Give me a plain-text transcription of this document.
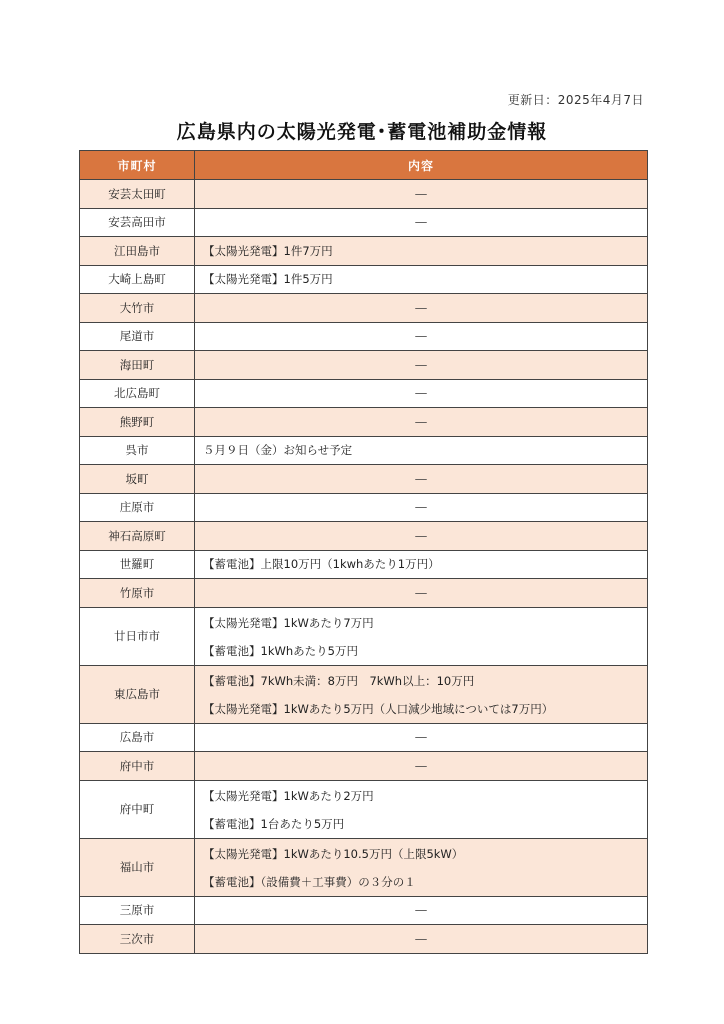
更新日：2025年4月7日
広島県内の太陽光発電･蓄電池補助金情報
市町村	内容
安芸太田町	―
安芸高田市	―
江田島市	【太陽光発電】1件7万円
大崎上島町	【太陽光発電】1件5万円
大竹市	―
尾道市	―
海田町	―
北広島町	―
熊野町	―
呉市	５月９日（金）お知らせ予定
坂町	―
庄原市	―
神石高原町	―
世羅町	【蓄電池】上限10万円（1kwhあたり1万円）
竹原市	―
廿日市市	【太陽光発電】1kWあたり7万円
【蓄電池】1kWhあたり5万円

東広島市	【蓄電池】7kWh未満：8万円　7kWh以上：10万円
【太陽光発電】1kWあたり5万円（人口減少地域については7万円）

広島市	―
府中市	―
府中町	【太陽光発電】1kWあたり2万円
【蓄電池】1台あたり5万円

福山市	【太陽光発電】1kWあたり10.5万円（上限5kW）
【蓄電池】（設備費＋工事費）の３分の１

三原市	―
三次市	―
